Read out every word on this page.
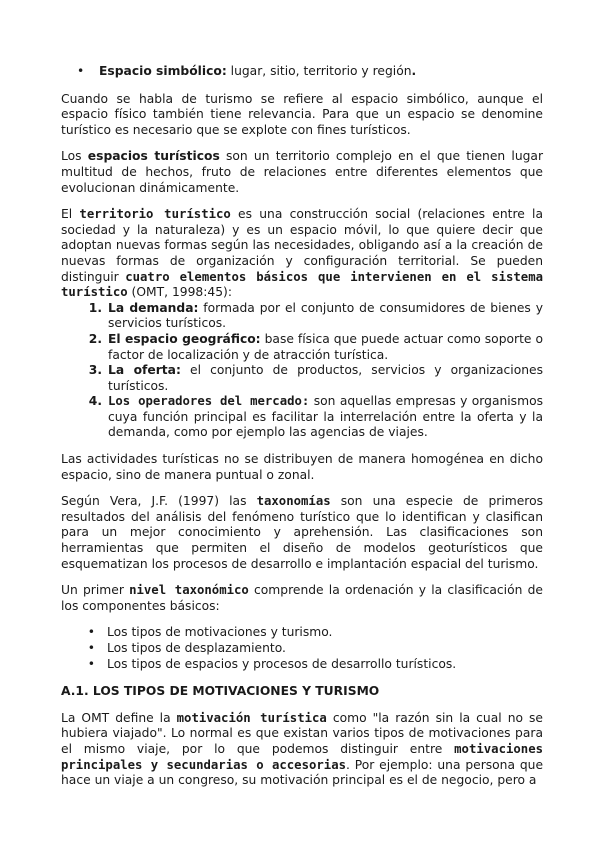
•	Espacio simbólico: lugar, sitio, territorio y región.

Cuando se habla de turismo se refiere al espacio simbólico, aunque el espacio físico también tiene relevancia. Para que un espacio se denomine turístico es necesario que se explote con fines turísticos.

Los espacios turísticos son un territorio complejo en el que tienen lugar multitud de hechos, fruto de relaciones entre diferentes elementos que evolucionan dinámicamente.

El territorio turístico es una construcción social (relaciones entre la sociedad y la naturaleza) y es un espacio móvil, lo que quiere decir que adoptan nuevas formas según las necesidades, obligando así a la creación de nuevas formas de organización y configuración territorial. Se pueden distinguir cuatro elementos básicos que intervienen en el sistema turístico (OMT, 1998:45):

1. La demanda: formada por el conjunto de consumidores de bienes y servicios turísticos.
2. El espacio geográfico: base física que puede actuar como soporte o factor de localización y de atracción turística.
3. La oferta: el conjunto de productos, servicios y organizaciones turísticos.
4. Los operadores del mercado: son aquellas empresas y organismos cuya función principal es facilitar la interrelación entre la oferta y la demanda, como por ejemplo las agencias de viajes.

Las actividades turísticas no se distribuyen de manera homogénea en dicho espacio, sino de manera puntual o zonal.

Según Vera, J.F. (1997) las taxonomías son una especie de primeros resultados del análisis del fenómeno turístico que lo identifican y clasifican para un mejor conocimiento y aprehensión. Las clasificaciones son herramientas que permiten el diseño de modelos geoturísticos que esquematizan los procesos de desarrollo e implantación espacial del turismo.

Un primer nivel taxonómico comprende la ordenación y la clasificación de los componentes básicos:

• Los tipos de motivaciones y turismo.
• Los tipos de desplazamiento.
• Los tipos de espacios y procesos de desarrollo turísticos.
A.1. LOS TIPOS DE MOTIVACIONES Y TURISMO

La OMT define la motivación turística como "la razón sin la cual no se hubiera viajado". Lo normal es que existan varios tipos de motivaciones para el mismo viaje, por lo que podemos distinguir entre motivaciones principales y secundarias o accesorias. Por ejemplo: una persona que hace un viaje a un congreso, su motivación principal es el de negocio, pero a
